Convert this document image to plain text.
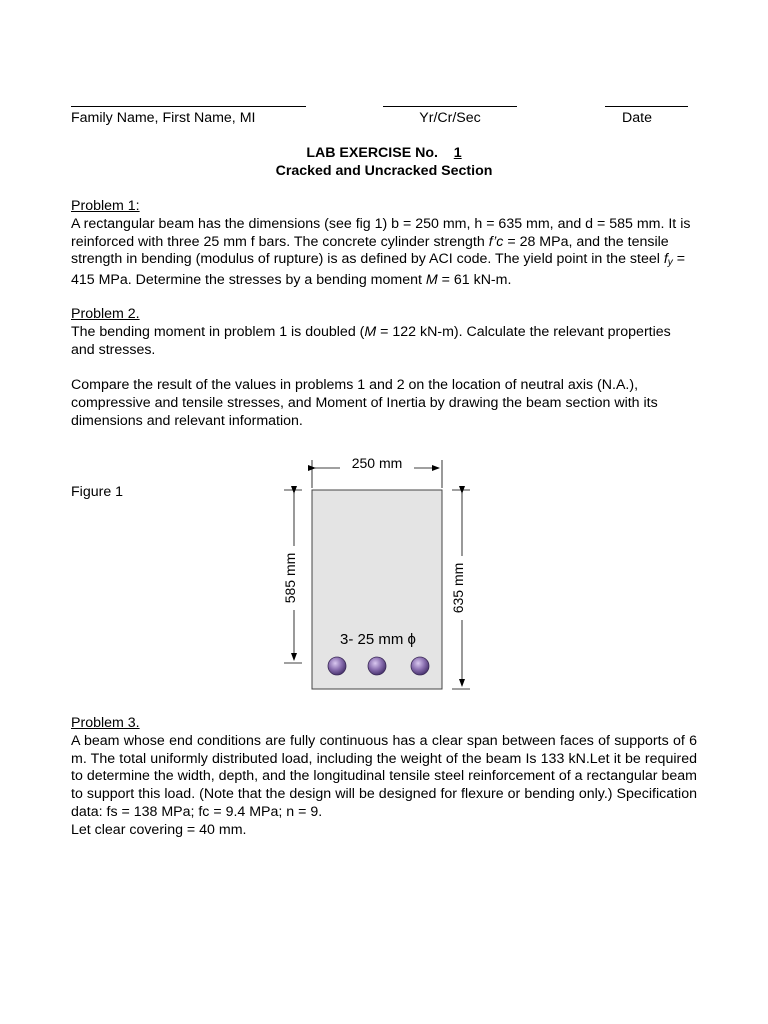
Family Name, First Name, MI	Yr/Cr/Sec	Date
LAB EXERCISE No. 1
Cracked and Uncracked Section
Problem 1:

A rectangular beam has the dimensions (see fig 1) b = 250 mm, h = 635 mm, and d = 585 mm. It is reinforced with three 25 mm f bars. The concrete cylinder strength f’c = 28 MPa, and the tensile strength in bending (modulus of rupture) is as defined by ACI code. The yield point in the steel $f_y = 415$ MPa. Determine the stresses by a bending moment M = 61 kN-m.

Problem 2.

The bending moment in problem 1 is doubled (M = 122 kN-m). Calculate the relevant properties and stresses.

Compare the result of the values in problems 1 and 2 on the location of neutral axis (N.A.), compressive and tensile stresses, and Moment of Inertia by drawing the beam section with its dimensions and relevant information.

Figure 1
250 mm
585 mm	635 mm
3- 25 mm ϕ
Problem 3.

A beam whose end conditions are fully continuous has a clear span between faces of supports of 6 m. The total uniformly distributed load, including the weight of the beam Is 133 kN.Let it be required to determine the width, depth, and the longitudinal tensile steel reinforcement of a rectangular beam to support this load. (Note that the design will be designed for flexure or bending only.) Specification data: fs = 138 MPa; fc = 9.4 MPa; n = 9.

Let clear covering = 40 mm.
